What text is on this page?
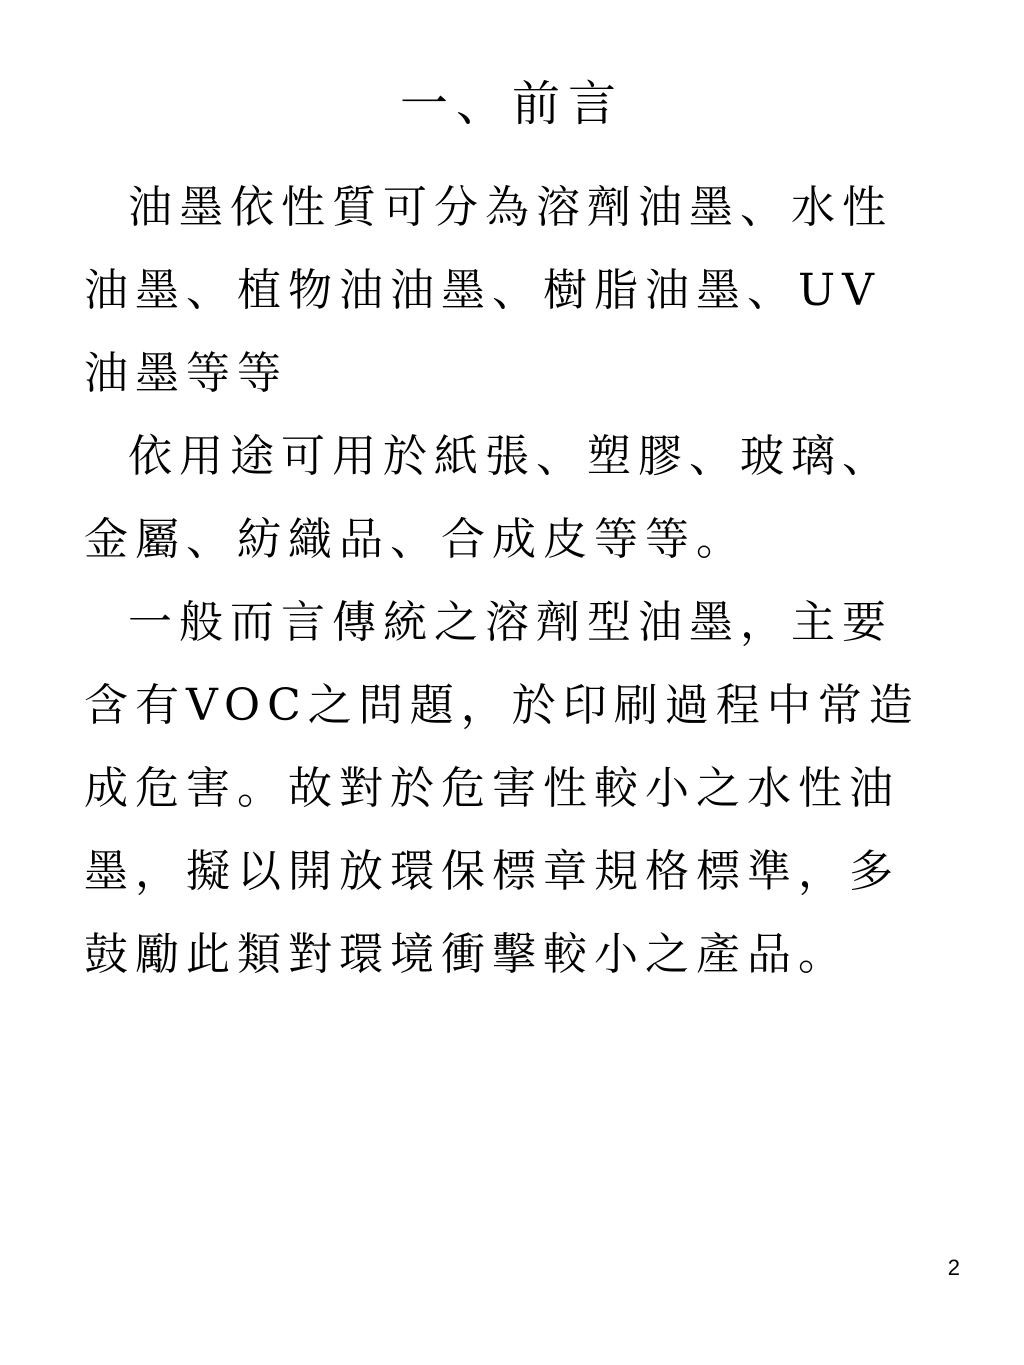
一、前言
油墨依性質可分為溶劑油墨、水性
油墨、植物油油墨、樹脂油墨、UV
油墨等等
依用途可用於紙張、塑膠、玻璃、
金屬、紡織品、合成皮等等。
一般而言傳統之溶劑型油墨，主要
含有VOC之問題，於印刷過程中常造
成危害。故對於危害性較小之水性油
墨，擬以開放環保標章規格標準，多
鼓勵此類對環境衝擊較小之產品。
2
